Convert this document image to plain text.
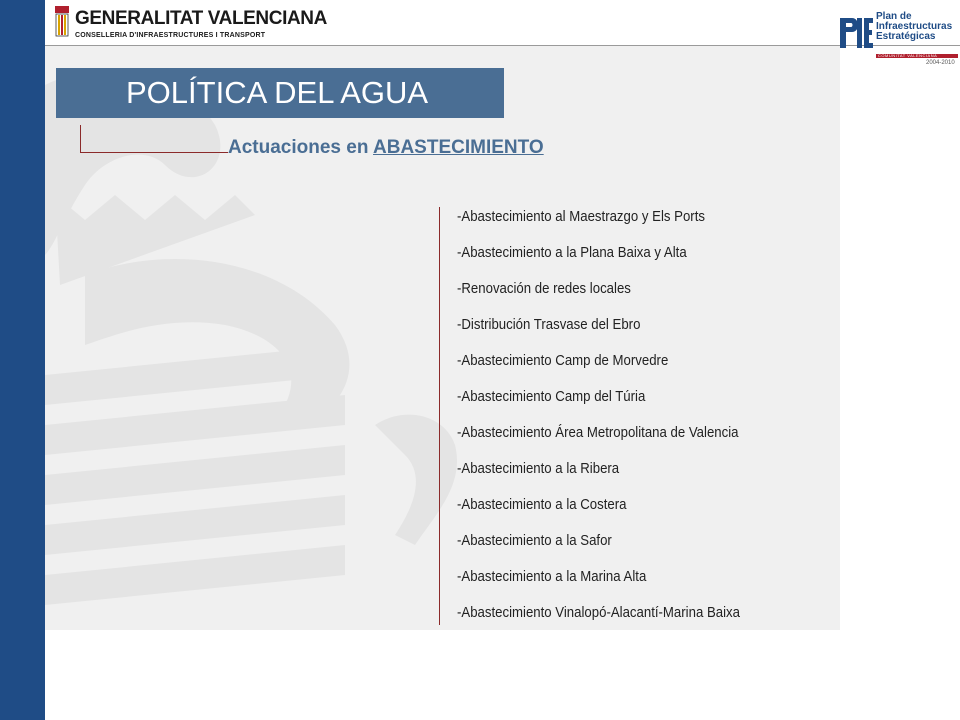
GENERALITAT VALENCIANA
CONSELLERIA D'INFRAESTRUCTURES I TRANSPORT
Plan de
Infraestructuras
Estratégicas
COMUNITAT VALENCIANA
2004-2010
POLÍTICA DEL AGUA
Actuaciones en ABASTECIMIENTO
-Abastecimiento al Maestrazgo y Els Ports
-Abastecimiento a la Plana Baixa y Alta
-Renovación de redes locales
-Distribución Trasvase del Ebro
-Abastecimiento Camp de Morvedre
-Abastecimiento Camp del Túria
-Abastecimiento Área Metropolitana de Valencia
-Abastecimiento a la Ribera
-Abastecimiento a la Costera
-Abastecimiento a la Safor
-Abastecimiento a la Marina Alta
-Abastecimiento Vinalopó-Alacantí-Marina Baixa
